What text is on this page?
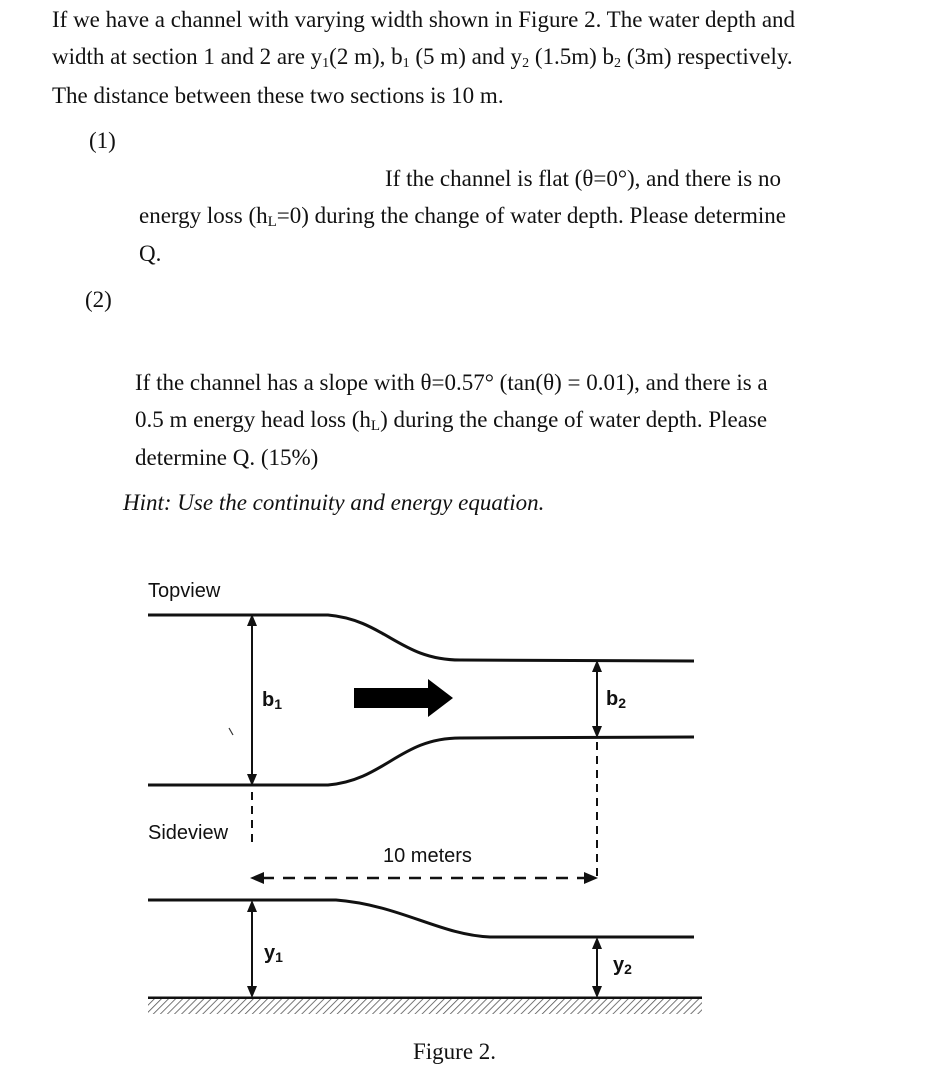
If we have a channel with varying width shown in Figure 2. The water depth and
width at section 1 and 2 are $y_1(2$ m), $b_1$ (5 m) and $y_2$ (1.5m) $b_2$ (3m) respectively.
The distance between these two sections is 10 m.
(1)
If the channel is flat (θ=0°), and there is no
energy loss $(h_L=0)$ during the change of water depth. Please determine
Q.
(2)
If the channel has a slope with θ=0.57° (tan(θ) = 0.01), and there is a
0.5 m energy head loss $(h_L)$ during the change of water depth. Please
determine Q. (15%)
Hint: Use the continuity and energy equation.
Topview
$b_1$	$b_2$
Sideview
10 meters
$y_1$	$y_2$
Figure 2.
